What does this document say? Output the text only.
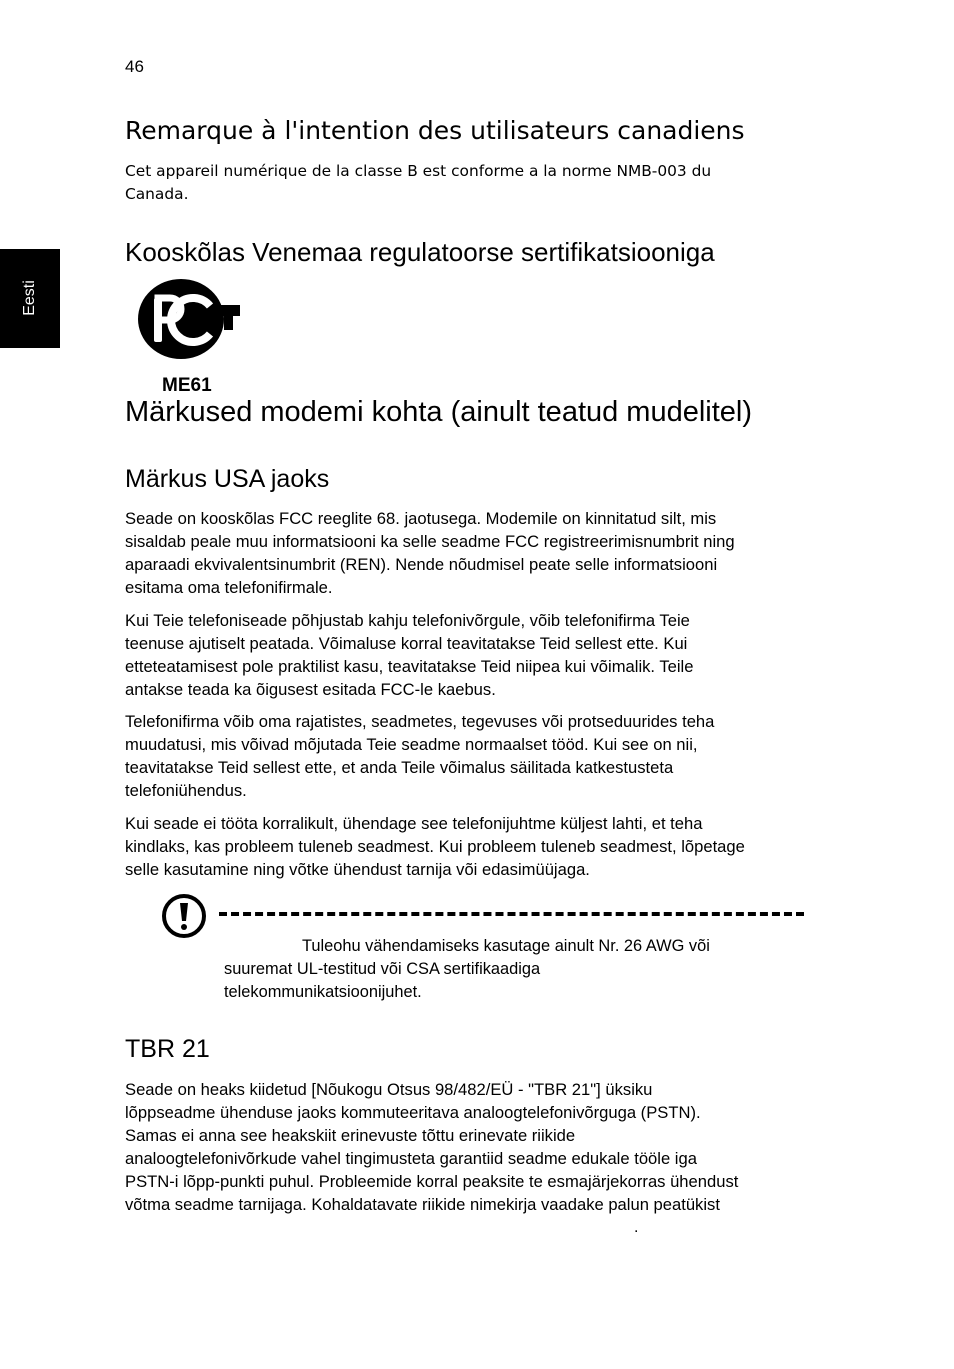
46
Eesti
Remarque à l'intention des utilisateurs canadiens
Cet appareil numérique de la classe B est conforme a la norme NMB-003 du
Canada.
Kooskõlas Venemaa regulatoorse sertifikatsiooniga
ME61
Märkused modemi kohta (ainult teatud mudelitel)
Märkus USA jaoks
Seade on kooskõlas FCC reeglite 68. jaotusega. Modemile on kinnitatud silt, mis
sisaldab peale muu informatsiooni ka selle seadme FCC registreerimisnumbrit ning
aparaadi ekvivalentsinumbrit (REN). Nende nõudmisel peate selle informatsiooni
esitama oma telefonifirmale.
Kui Teie telefoniseade põhjustab kahju telefonivõrgule, võib telefonifirma Teie
teenuse ajutiselt peatada. Võimaluse korral teavitatakse Teid sellest ette. Kui
etteteatamisest pole praktilist kasu, teavitatakse Teid niipea kui võimalik. Teile
antakse teada ka õigusest esitada FCC-le kaebus.
Telefonifirma võib oma rajatistes, seadmetes, tegevuses või protseduurides teha
muudatusi, mis võivad mõjutada Teie seadme normaalset tööd. Kui see on nii,
teavitatakse Teid sellest ette, et anda Teile võimalus säilitada katkestusteta
telefoniühendus.
Kui seade ei tööta korralikult, ühendage see telefonijuhtme küljest lahti, et teha
kindlaks, kas probleem tuleneb seadmest. Kui probleem tuleneb seadmest, lõpetage
selle kasutamine ning võtke ühendust tarnija või edasimüüjaga.
Tuleohu vähendamiseks kasutage ainult Nr. 26 AWG või
suuremat UL-testitud või CSA sertifikaadiga
telekommunikatsioonijuhet.
TBR 21
Seade on heaks kiidetud [Nõukogu Otsus 98/482/EÜ - "TBR 21"] üksiku
lõppseadme ühenduse jaoks kommuteeritava analoogtelefonivõrguga (PSTN).
Samas ei anna see heakskiit erinevuste tõttu erinevate riikide
analoogtelefonivõrkude vahel tingimusteta garantiid seadme edukale tööle iga
PSTN-i lõpp-punkti puhul. Probleemide korral peaksite te esmajärjekorras ühendust
võtma seadme tarnijaga. Kohaldatavate riikide nimekirja vaadake palun peatükist
.
